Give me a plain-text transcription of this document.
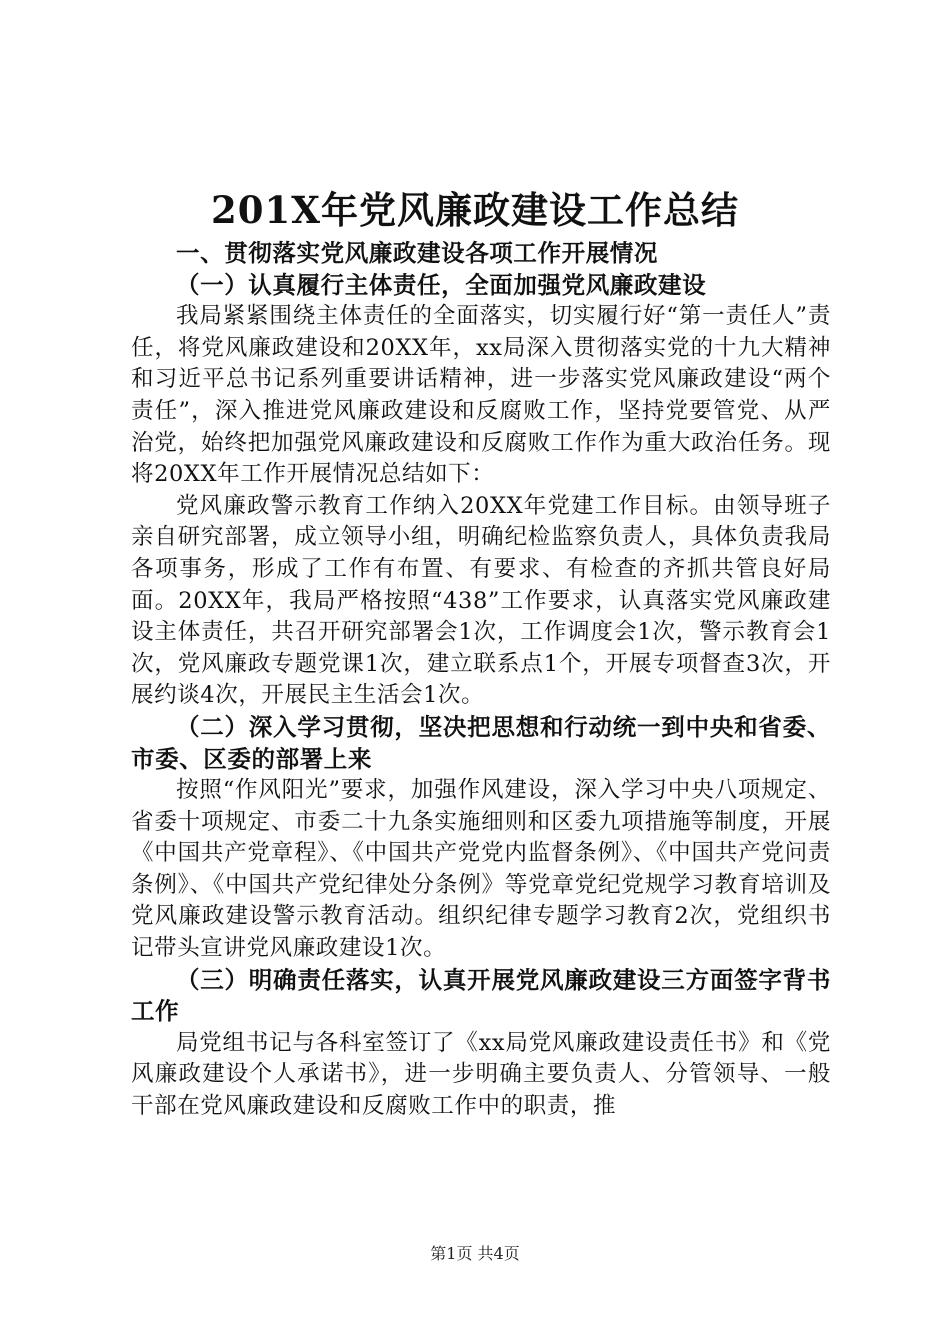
201X年党风廉政建设工作总结

一、贯彻落实党风廉政建设各项工作开展情况

（一）认真履行主体责任，全面加强党风廉政建设

我局紧紧围绕主体责任的全面落实，切实履行好“第一责任人”责任，将党风廉政建设和20XX年，xx局深入贯彻落实党的十九大精神和习近平总书记系列重要讲话精神，进一步落实党风廉政建设“两个责任”，深入推进党风廉政建设和反腐败工作，坚持党要管党、从严治党，始终把加强党风廉政建设和反腐败工作作为重大政治任务。现将20XX年工作开展情况总结如下：

党风廉政警示教育工作纳入20XX年党建工作目标。由领导班子亲自研究部署，成立领导小组，明确纪检监察负责人，具体负责我局各项事务，形成了工作有布置、有要求、有检查的齐抓共管良好局面。20XX年，我局严格按照“438”工作要求，认真落实党风廉政建设主体责任，共召开研究部署会1次，工作调度会1次，警示教育会1次，党风廉政专题党课1次，建立联系点1个，开展专项督查3次，开展约谈4次，开展民主生活会1次。

（二）深入学习贯彻，坚决把思想和行动统一到中央和省委、市委、区委的部署上来

按照“作风阳光”要求，加强作风建设，深入学习中央八项规定、省委十项规定、市委二十九条实施细则和区委九项措施等制度，开展《中国共产党章程》、《中国共产党党内监督条例》、《中国共产党问责条例》、《中国共产党纪律处分条例》等党章党纪党规学习教育培训及党风廉政建设警示教育活动。组织纪律专题学习教育2次，党组织书记带头宣讲党风廉政建设1次。

（三）明确责任落实，认真开展党风廉政建设三方面签字背书工作

局党组书记与各科室签订了《xx局党风廉政建设责任书》和《党风廉政建设个人承诺书》，进一步明确主要负责人、分管领导、一般干部在党风廉政建设和反腐败工作中的职责，推

第1页 共4页
